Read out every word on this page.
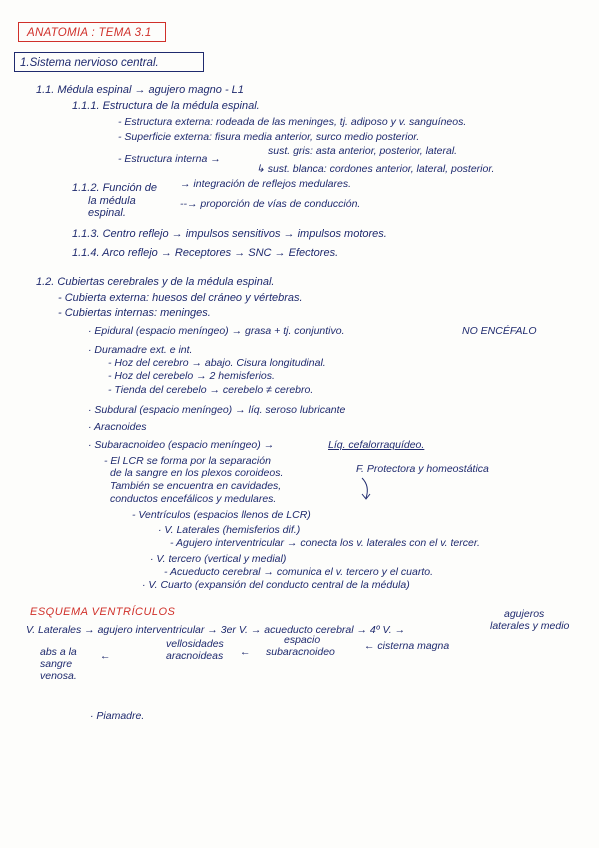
ANATOMIA : TEMA 3.1
1.Sistema nervioso central.
1.1. Médula espinal → agujero magno - L1
1.1.1. Estructura de la médula espinal.
- Estructura externa: rodeada de las meninges, tj. adiposo y v. sanguíneos.
- Superficie externa: fisura media anterior, surco medio posterior.
sust. gris: asta anterior, posterior, lateral.
- Estructura interna →
↳ sust. blanca: cordones anterior, lateral, posterior.
1.1.2. Función de
la médula
espinal.
→ integración de reflejos medulares.
--→ proporción de vías de conducción.
1.1.3. Centro reflejo → impulsos sensitivos → impulsos motores.
1.1.4. Arco reflejo → Receptores → SNC → Efectores.
1.2. Cubiertas cerebrales y de la médula espinal.
- Cubierta externa: huesos del cráneo y vértebras.
- Cubiertas internas: meninges.
· Epidural (espacio meníngeo) → grasa + tj. conjuntivo.	NO ENCÉFALO
· Duramadre ext. e int.
- Hoz del cerebro → abajo. Cisura longitudinal.
- Hoz del cerebelo → 2 hemisferios.
- Tienda del cerebelo → cerebelo ≠ cerebro.
· Subdural (espacio meníngeo) → líq. seroso lubricante
· Aracnoides
· Subaracnoideo (espacio meníngeo) →	Líq. cefalorraquídeo.
- El LCR se forma por la separación
de la sangre en los plexos coroideos.
También se encuentra en cavidades,
conductos encefálicos y medulares.
F. Protectora y homeostática
- Ventrículos (espacios llenos de LCR)
· V. Laterales (hemisferios dif.)
- Agujero interventricular → conecta los v. laterales con el v. tercer.
· V. tercero (vertical y medial)
- Acueducto cerebral → comunica el v. tercero y el cuarto.
· V. Cuarto (expansión del conducto central de la médula)
ESQUEMA VENTRÍCULOS
V. Laterales → agujero interventricular → 3er V. → acueducto cerebral → 4º V. →
agujeros
laterales y medio
abs a la
sangre
venosa.
←
vellosidades
aracnoideas ←
espacio
subaracnoideo	← cisterna magna
· Piamadre.
